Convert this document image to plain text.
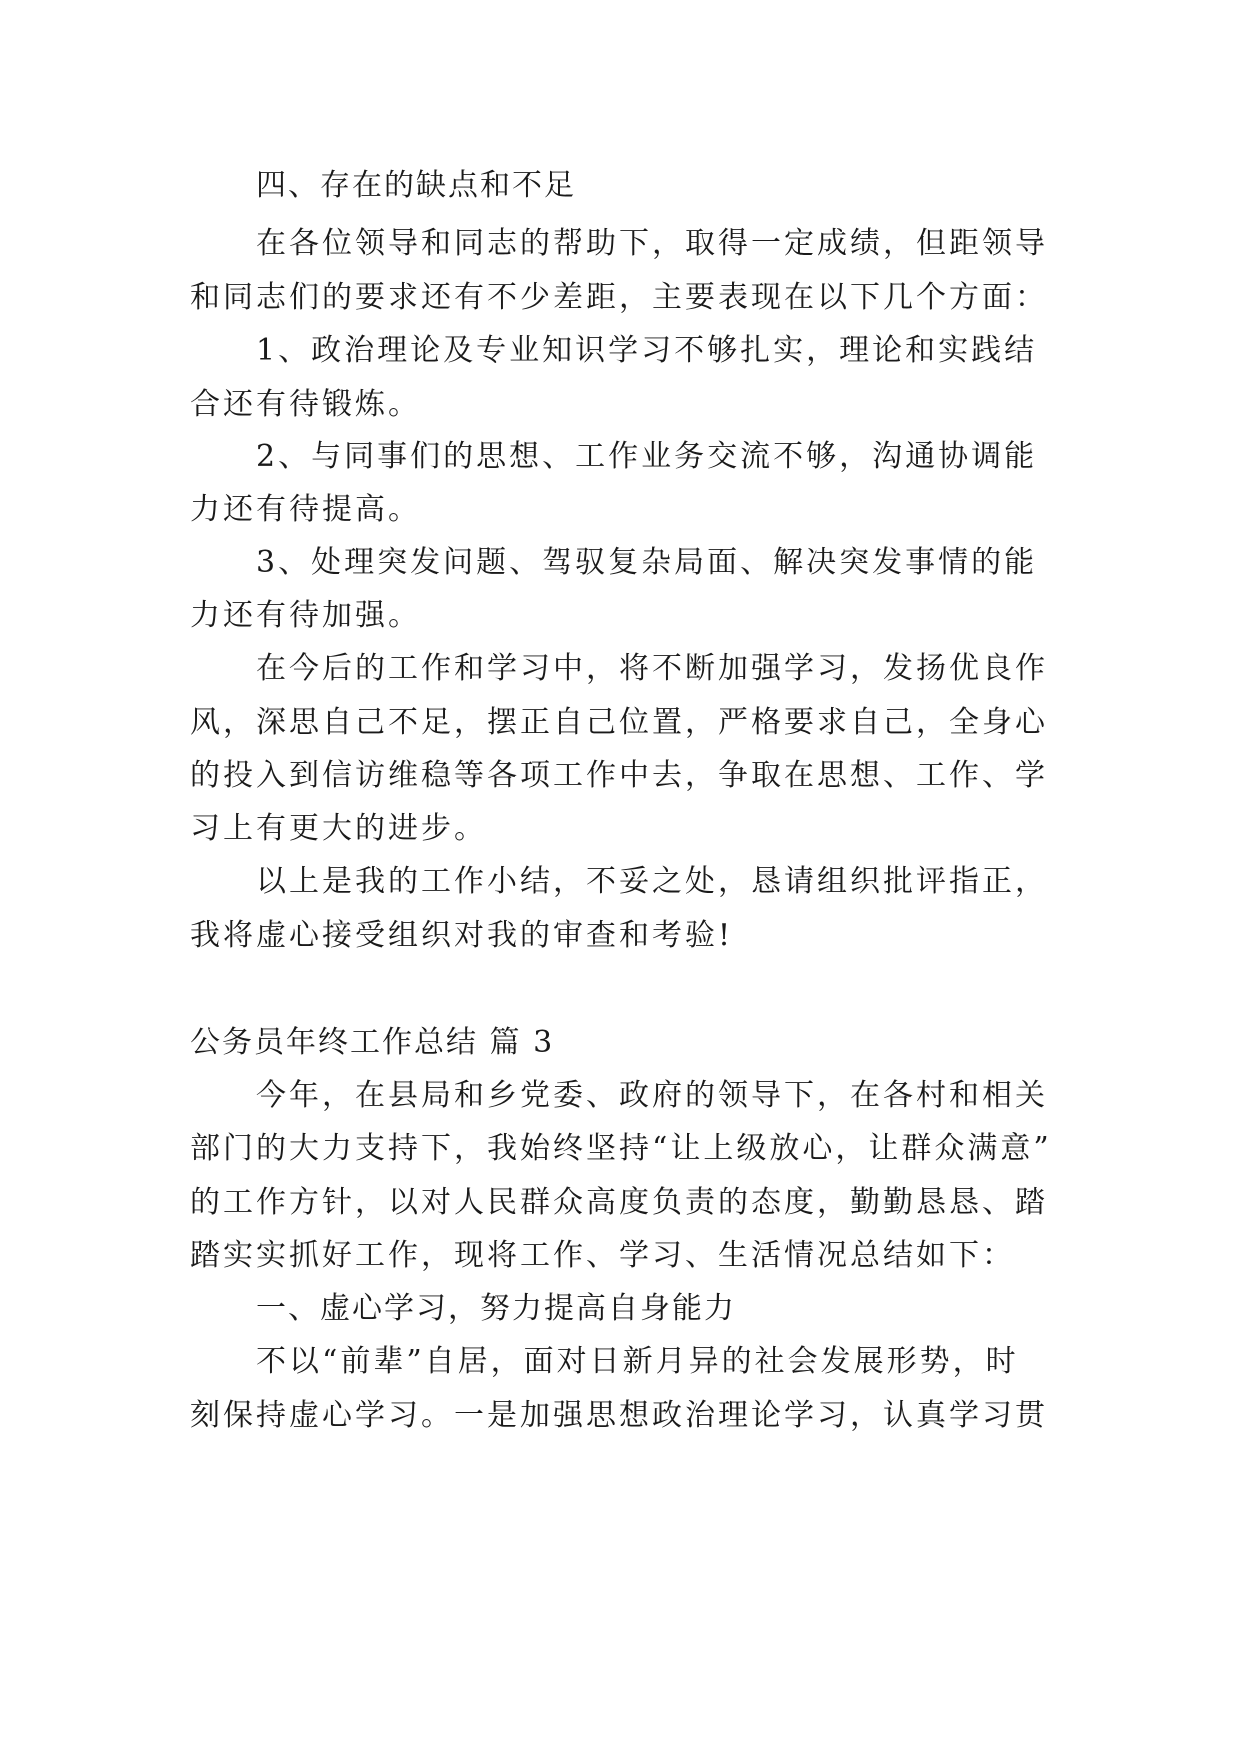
四、存在的缺点和不足
在各位领导和同志的帮助下，取得一定成绩，但距领导
和同志们的要求还有不少差距，主要表现在以下几个方面：
1、政治理论及专业知识学习不够扎实，理论和实践结
合还有待锻炼。
2、与同事们的思想、工作业务交流不够，沟通协调能
力还有待提高。
3、处理突发问题、驾驭复杂局面、解决突发事情的能
力还有待加强。
在今后的工作和学习中，将不断加强学习，发扬优良作
风，深思自己不足，摆正自己位置，严格要求自己，全身心
的投入到信访维稳等各项工作中去，争取在思想、工作、学
习上有更大的进步。
以上是我的工作小结，不妥之处，恳请组织批评指正，
我将虚心接受组织对我的审查和考验!
公务员年终工作总结 篇 3
今年，在县局和乡党委、政府的领导下，在各村和相关
部门的大力支持下，我始终坚持“让上级放心，让群众满意”
的工作方针，以对人民群众高度负责的态度，勤勤恳恳、踏
踏实实抓好工作，现将工作、学习、生活情况总结如下：
一、虚心学习，努力提高自身能力
不以“前辈”自居，面对日新月异的社会发展形势，时
刻保持虚心学习。一是加强思想政治理论学习，认真学习贯
